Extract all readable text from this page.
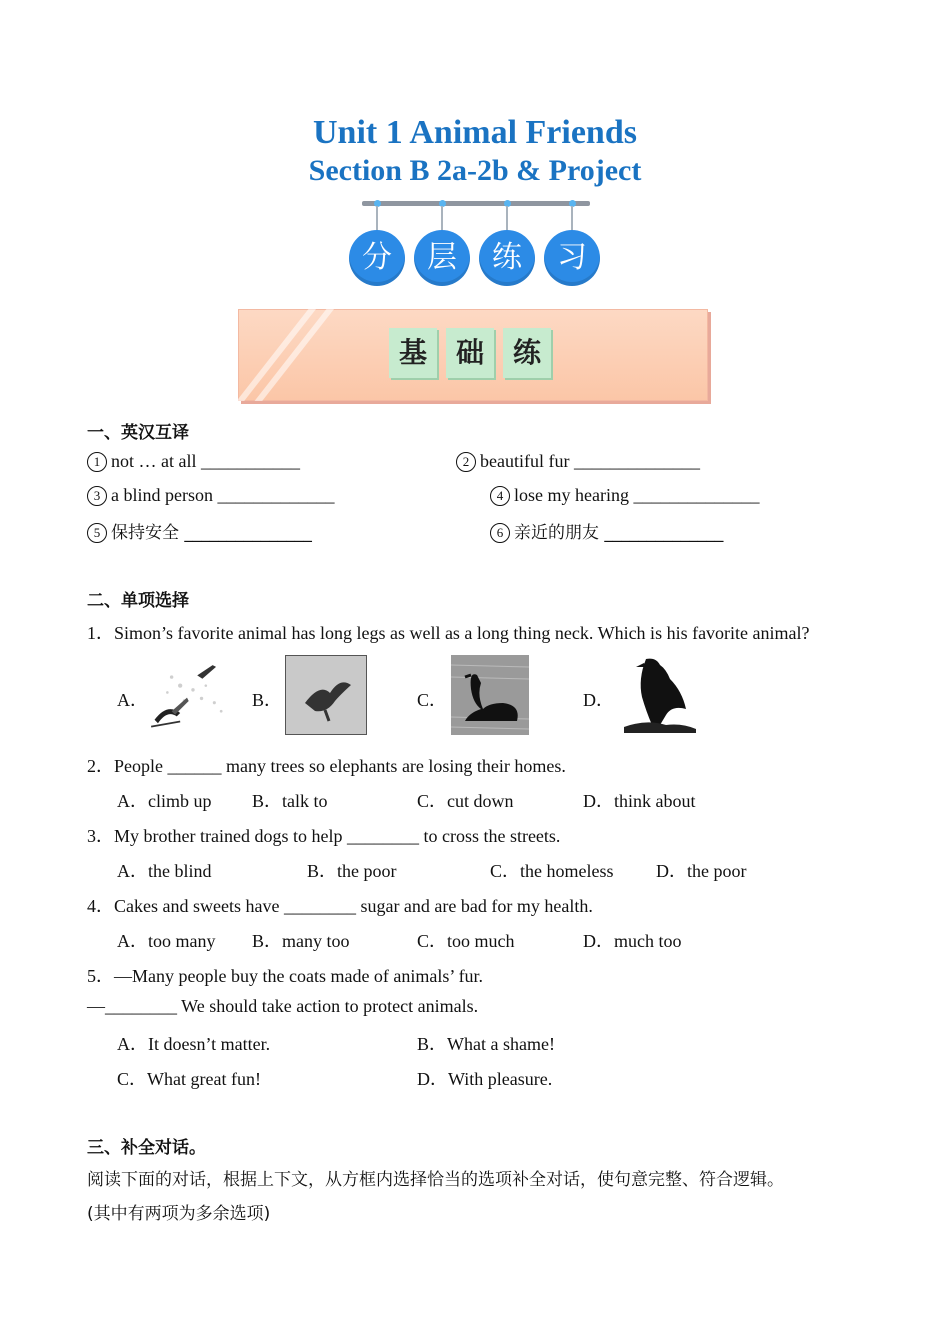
Unit 1 Animal Friends
Section B 2a-2b & Project
分	层	练	习
基	础	练
一、英汉互译
1 not … at all ___________	2 beautiful fur ______________
3 a blind person _____________	4 lose my hearing ______________
5 保持安全 _______________	6 亲近的朋友 ______________
二、单项选择
1．Simon’s favorite animal has long legs as well as a long thing neck. Which is his favorite animal?
A．	B．	C．	D．
2．People ______ many trees so elephants are losing their homes.
A．climb up B．talk to	C．cut down	D．think about
3．My brother trained dogs to help ________ to cross the streets.
A．the blind	B．the poor	C．the homeless D．the poor
4．Cakes and sweets have ________ sugar and are bad for my health.
A．too many B．many too	C．too much	D．much too
5．—Many people buy the coats made of animals’ fur.
—________ We should take action to protect animals.
A．It doesn’t matter.	B．What a shame!
C．What great fun!	D．With pleasure.
三、补全对话。
阅读下面的对话，根据上下文，从方框内选择恰当的选项补全对话，使句意完整、符合逻辑。
(其中有两项为多余选项)
